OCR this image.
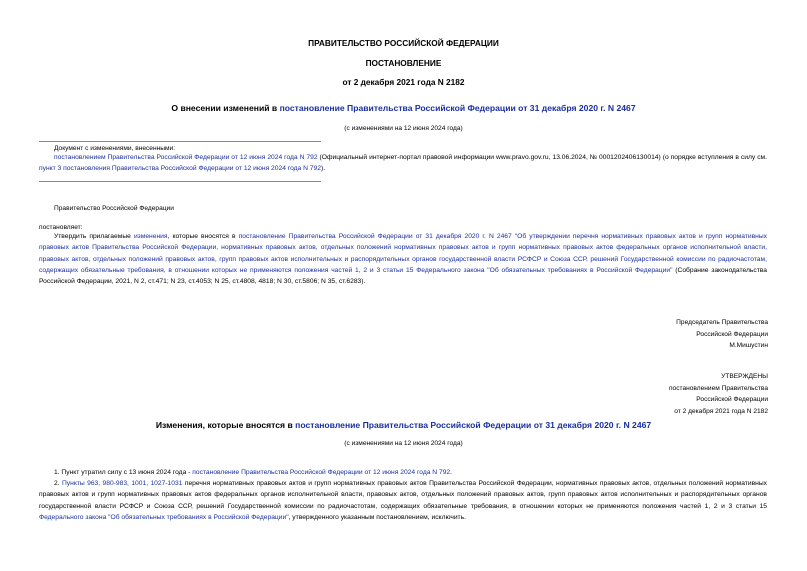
ПРАВИТЕЛЬСТВО РОССИЙСКОЙ ФЕДЕРАЦИИ
ПОСТАНОВЛЕНИЕ
от 2 декабря 2021 года N 2182
О внесении изменений в постановление Правительства Российской Федерации от 31 декабря 2020 г. N 2467
(с изменениями на 12 июня 2024 года)
Документ с изменениями, внесенными:
постановлением Правительства Российской Федерации от 12 июня 2024 года N 792 (Официальный интернет-портал правовой информации www.pravo.gov.ru, 13.06.2024, № 0001202406130014) (о порядке вступления в силу см. пункт 3 постановления Правительства Российской Федерации от 12 июня 2024 года N 792).
Правительство Российской Федерации
постановляет:
Утвердить прилагаемые изменения, которые вносятся в постановление Правительства Российской Федерации от 31 декабря 2020 г. N 2467 "Об утверждении перечня нормативных правовых актов и групп нормативных правовых актов Правительства Российской Федерации, нормативных правовых актов, отдельных положений нормативных правовых актов и групп нормативных правовых актов федеральных органов исполнительной власти, правовых актов, отдельных положений правовых актов, групп правовых актов исполнительных и распорядительных органов государственной власти РСФСР и Союза ССР, решений Государственной комиссии по радиочастотам, содержащих обязательные требования, в отношении которых не применяются положения частей 1, 2 и 3 статьи 15 Федерального закона "Об обязательных требованиях в Российской Федерации" (Собрание законодательства Российской Федерации, 2021, N 2, ст.471; N 23, ст.4053; N 25, ст.4808, 4818; N 30, ст.5806; N 35, ст.6283).
Председатель Правительства
Российской Федерации
М.Мишустин
УТВЕРЖДЕНЫ
постановлением Правительства
Российской Федерации
от 2 декабря 2021 года N 2182
Изменения, которые вносятся в постановление Правительства Российской Федерации от 31 декабря 2020 г. N 2467
(с изменениями на 12 июня 2024 года)
1. Пункт утратил силу с 13 июня 2024 года - постановление Правительства Российской Федерации от 12 июня 2024 года N 792.
2. Пункты 963, 980-983, 1001, 1027-1031 перечня нормативных правовых актов и групп нормативных правовых актов Правительства Российской Федерации, нормативных правовых актов, отдельных положений нормативных правовых актов и групп нормативных правовых актов федеральных органов исполнительной власти, правовых актов, отдельных положений правовых актов, групп правовых актов исполнительных и распорядительных органов государственной власти РСФСР и Союза ССР, решений Государственной комиссии по радиочастотам, содержащих обязательные требования, в отношении которых не применяются положения частей 1, 2 и 3 статьи 15 Федерального закона "Об обязательных требованиях в Российской Федерации", утвержденного указанным постановлением, исключить.
